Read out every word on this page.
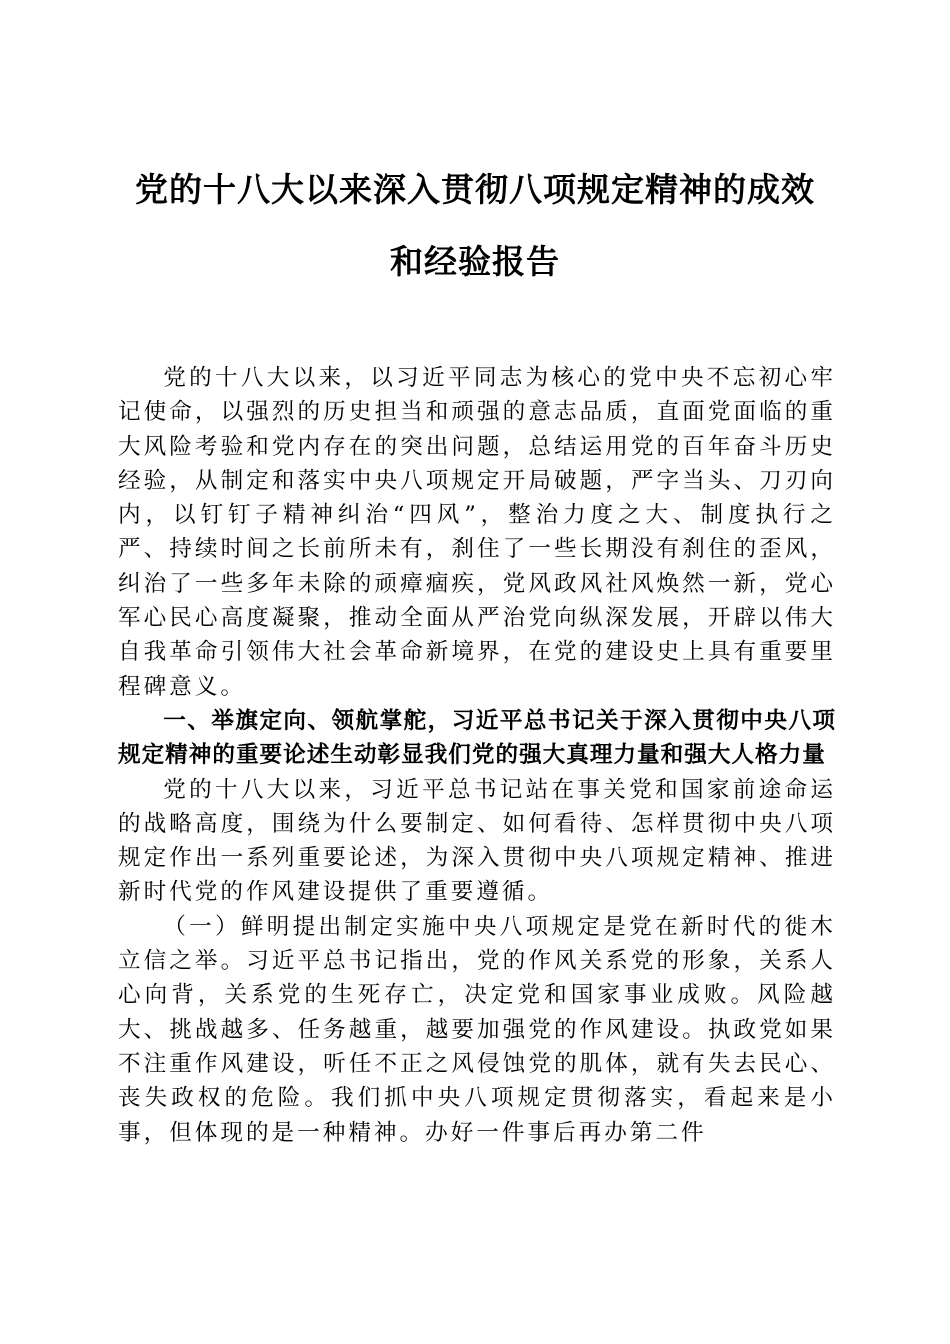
党的十八大以来深入贯彻八项规定精神的成效
和经验报告

党的十八大以来，以习近平同志为核心的党中央不忘初心牢记使命，以强烈的历史担当和顽强的意志品质，直面党面临的重大风险考验和党内存在的突出问题，总结运用党的百年奋斗历史经验，从制定和落实中央八项规定开局破题，严字当头、刀刃向内，以钉钉子精神纠治“四风”，整治力度之大、制度执行之严、持续时间之长前所未有，刹住了一些长期没有刹住的歪风，纠治了一些多年未除的顽瘴痼疾，党风政风社风焕然一新，党心军心民心高度凝聚，推动全面从严治党向纵深发展，开辟以伟大自我革命引领伟大社会革命新境界，在党的建设史上具有重要里程碑意义。

一、举旗定向、领航掌舵，习近平总书记关于深入贯彻中央八项规定精神的重要论述生动彰显我们党的强大真理力量和强大人格力量

党的十八大以来，习近平总书记站在事关党和国家前途命运的战略高度，围绕为什么要制定、如何看待、怎样贯彻中央八项规定作出一系列重要论述，为深入贯彻中央八项规定精神、推进新时代党的作风建设提供了重要遵循。

（一）鲜明提出制定实施中央八项规定是党在新时代的徙木立信之举。习近平总书记指出，党的作风关系党的形象，关系人心向背，关系党的生死存亡，决定党和国家事业成败。风险越大、挑战越多、任务越重，越要加强党的作风建设。执政党如果不注重作风建设，听任不正之风侵蚀党的肌体，就有失去民心、丧失政权的危险。我们抓中央八项规定贯彻落实，看起来是小事，但体现的是一种精神。办好一件事后再办第二件
